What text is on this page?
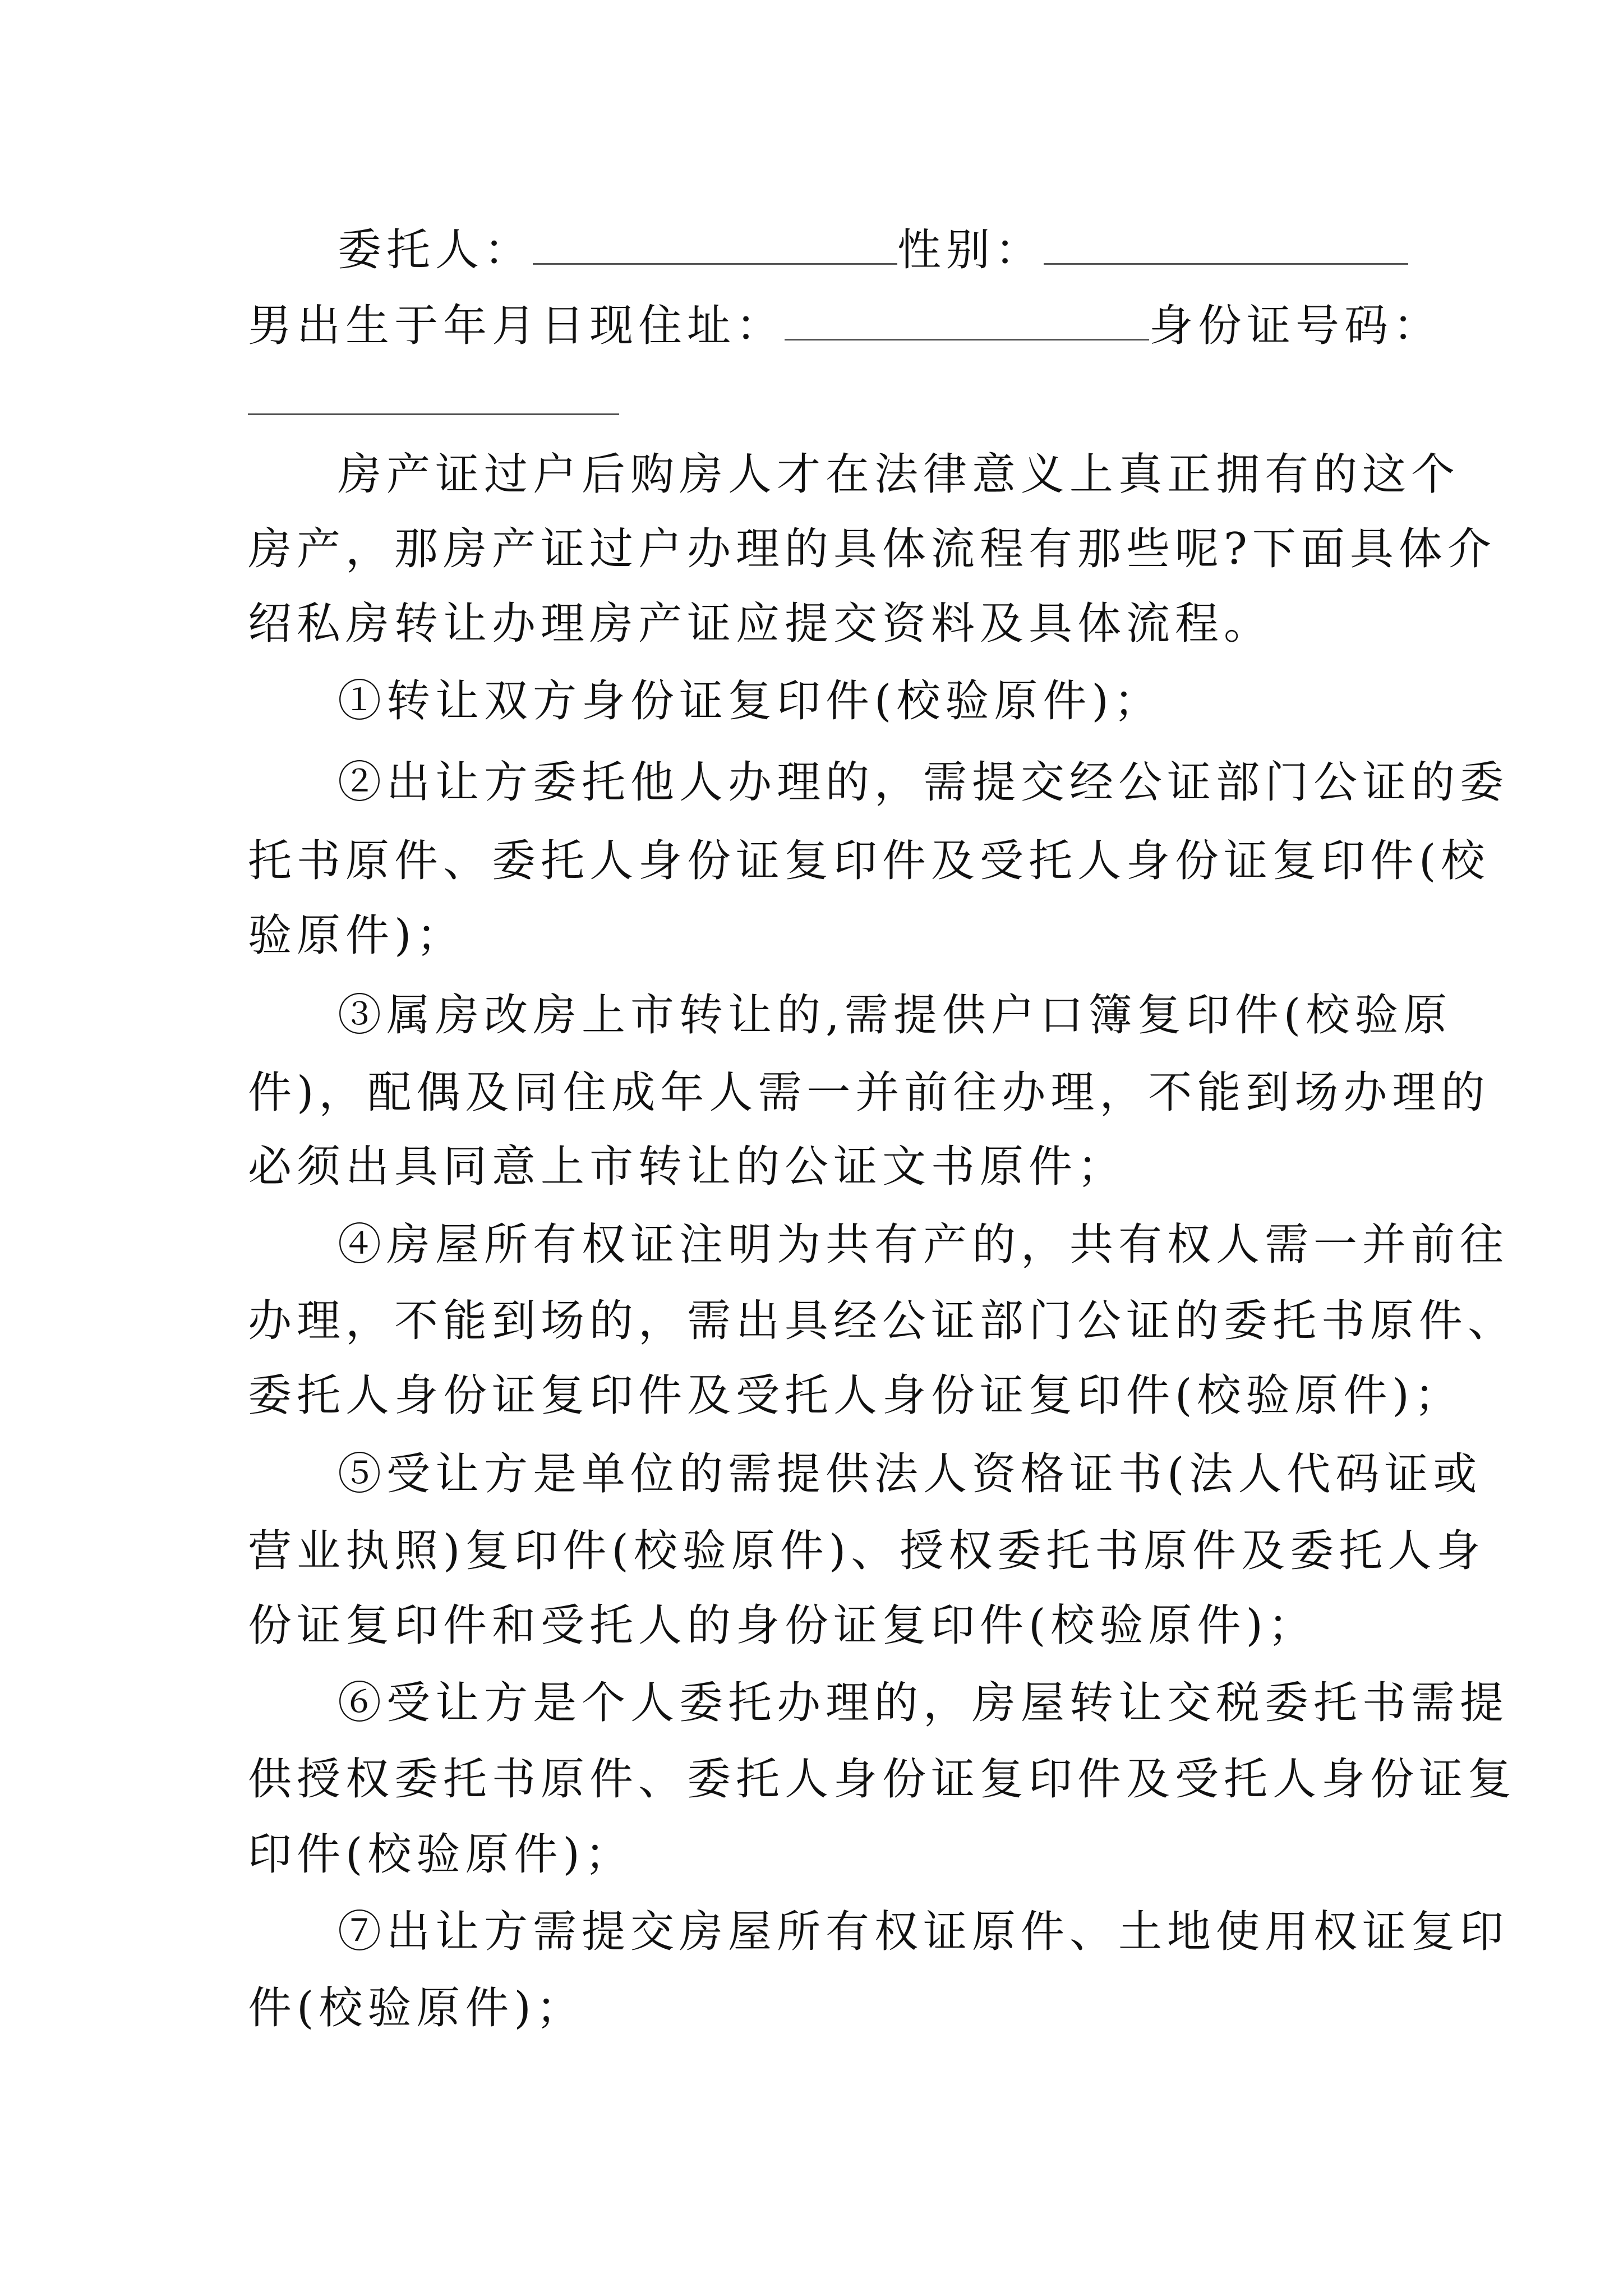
委托人：	性别：
男出生于年月日现住址：	身份证号码：
房产证过户后购房人才在法律意义上真正拥有的这个
房产，那房产证过户办理的具体流程有那些呢?下面具体介
绍私房转让办理房产证应提交资料及具体流程。
①转让双方身份证复印件(校验原件)；
②出让方委托他人办理的，需提交经公证部门公证的委
托书原件、委托人身份证复印件及受托人身份证复印件(校
验原件)；
③属房改房上市转让的,需提供户口簿复印件(校验原
件)，配偶及同住成年人需一并前往办理，不能到场办理的
必须出具同意上市转让的公证文书原件；
④房屋所有权证注明为共有产的，共有权人需一并前往
办理，不能到场的，需出具经公证部门公证的委托书原件、
委托人身份证复印件及受托人身份证复印件(校验原件)；
⑤受让方是单位的需提供法人资格证书(法人代码证或
营业执照)复印件(校验原件)、授权委托书原件及委托人身
份证复印件和受托人的身份证复印件(校验原件)；
⑥受让方是个人委托办理的，房屋转让交税委托书需提
供授权委托书原件、委托人身份证复印件及受托人身份证复
印件(校验原件)；
⑦出让方需提交房屋所有权证原件、土地使用权证复印
件(校验原件)；
